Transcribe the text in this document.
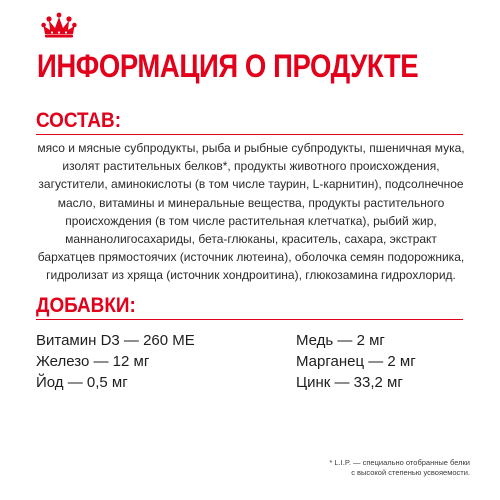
ИНФОРМАЦИЯ О ПРОДУКТЕ
СОСТАВ:

мясо и мясные субпродукты, рыба и рыбные субпродукты, пшеничная мука, изолят растительных белков*, продукты животного происхождения, загустители, аминокислоты (в том числе таурин, L-карнитин), подсолнечное масло, витамины и минеральные вещества, продукты растительного происхождения (в том числе растительная клетчатка), рыбий жир, маннанолигосахариды, бета-глюканы, краситель, сахара, экстракт бархатцев прямостоячих (источник лютеина), оболочка семян подорожника, гидролизат из хряща (источник хондроитина), глюкозамина гидрохлорид.

ДОБАВКИ:
Витамин D3 — 260 МЕ	Медь — 2 мг
Железо — 12 мг	Марганец — 2 мг
Йод — 0,5 мг	Цинк — 33,2 мг

* L.I.P. — специально отобранные белки
с высокой степенью усвояемости.
